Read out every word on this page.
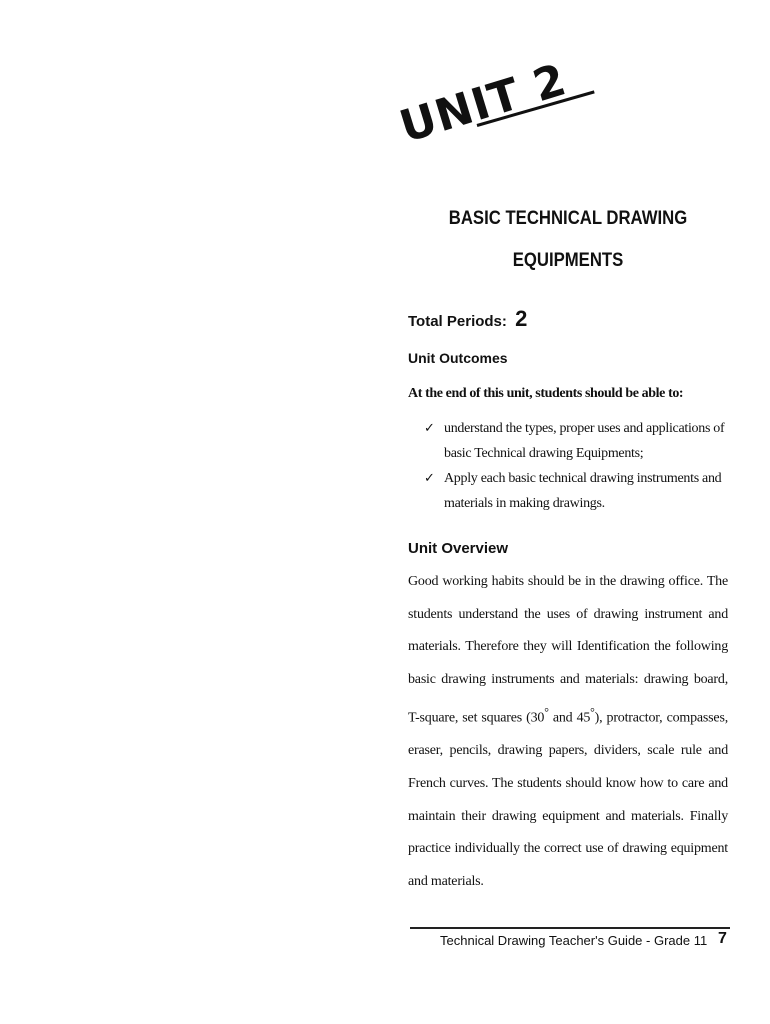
UNIT 2
BASIC TECHNICAL DRAWING
EQUIPMENTS
Total Periods: 2
Unit Outcomes
At the end of this unit, students should be able to:
✓ understand the types, proper uses and applications of basic Technical drawing Equipments;
✓ Apply each basic technical drawing instruments and materials in making drawings.
Unit Overview

Good working habits should be in the drawing office. The students understand the uses of drawing instrument and materials. Therefore they will Identification the following basic drawing instruments and materials: drawing board, T-square, set squares (30° and 45°), protractor, compasses, eraser, pencils, drawing papers, dividers, scale rule and French curves. The students should know how to care and maintain their drawing equipment and materials. Finally practice individually the correct use of drawing equipment and materials.

Technical Drawing Teacher's Guide - Grade 11 7
